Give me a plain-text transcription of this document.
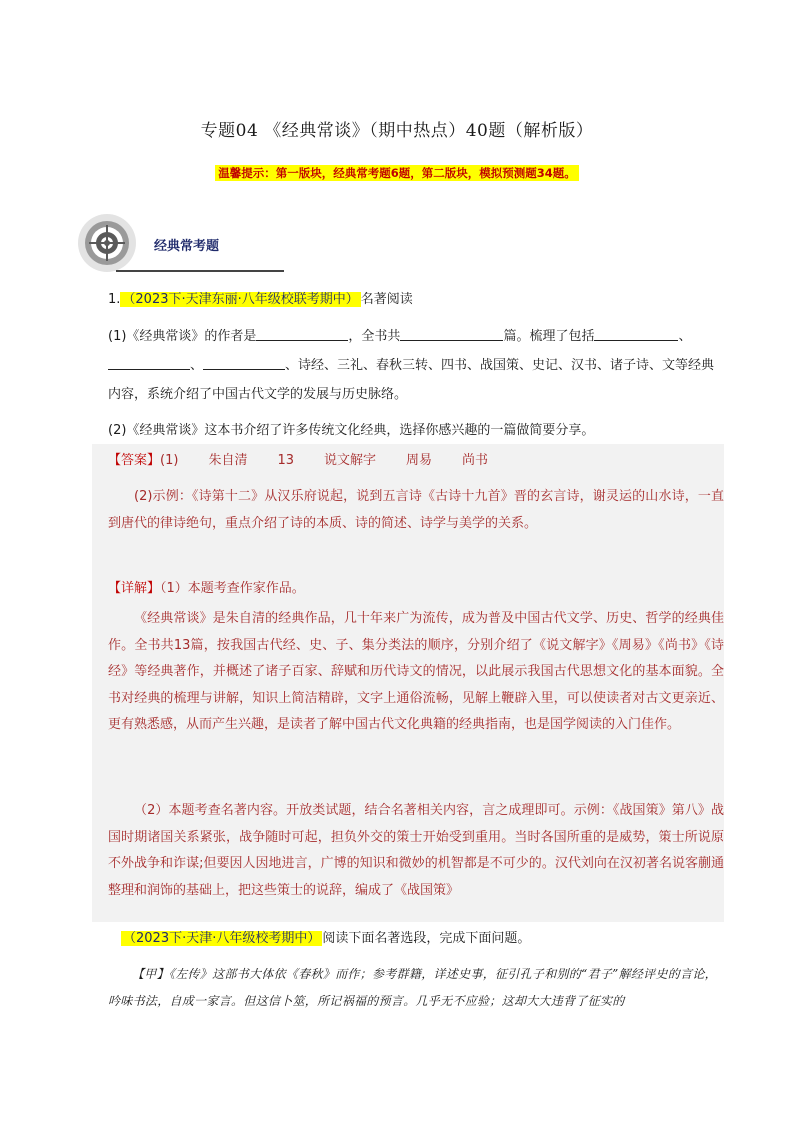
专题04 《经典常谈》（期中热点）40题（解析版）
温馨提示：第一版块，经典常考题6题，第二版块，模拟预测题34题。
经典常考题
1. （2023下·天津东丽·八年级校联考期中） 名著阅读
(1)《经典常谈》的作者是	，全书共	篇。梳理了包括	、
、	、诗经、三礼、春秋三转、四书、战国策、史记、汉书、诸子诗、文等经典
内容，系统介绍了中国古代文学的发展与历史脉络。
(2)《经典常谈》这本书介绍了许多传统文化经典，选择你感兴趣的一篇做简要分享。
【答案】(1) 朱自清 13 说文解字 周易 尚书
(2)示例：《诗第十二》从汉乐府说起，说到五言诗《古诗十九首》晋的玄言诗，谢灵运的山水诗，一直到唐代的律诗绝句，重点介绍了诗的本质、诗的简述、诗学与美学的关系。
【详解】（1）本题考查作家作品。
《经典常谈》是朱自清的经典作品，几十年来广为流传，成为普及中国古代文学、历史、哲学的经典佳作。全书共13篇，按我国古代经、史、子、集分类法的顺序，分别介绍了《说文解字》《周易》《尚书》《诗经》等经典著作，并概述了诸子百家、辞赋和历代诗文的情况，以此展示我国古代思想文化的基本面貌。全书对经典的梳理与讲解，知识上简洁精辟，文字上通俗流畅，见解上鞭辟入里，可以使读者对古文更亲近、更有熟悉感，从而产生兴趣，是读者了解中国古代文化典籍的经典指南，也是国学阅读的入门佳作。
（2）本题考查名著内容。开放类试题，结合名著相关内容，言之成理即可。示例：《战国策》第八》战国时期诸国关系紧张，战争随时可起，担负外交的策士开始受到重用。当时各国所重的是威势，策士所说原不外战争和诈谋;但要因人因地进言，广博的知识和微妙的机智都是不可少的。汉代刘向在汉初著名说客蒯通整理和润饰的基础上，把这些策士的说辞，编成了《战国策》
（2023下·天津·八年级校考期中） 阅读下面名著选段，完成下面问题。
【甲】《左传》这部书大体依《春秋》而作；参考群籍，详述史事，征引孔子和别的“君子”解经评史的言论，吟味书法，自成一家言。但这信卜筮，所记祸福的预言。几乎无不应验；这却大大违背了征实的
